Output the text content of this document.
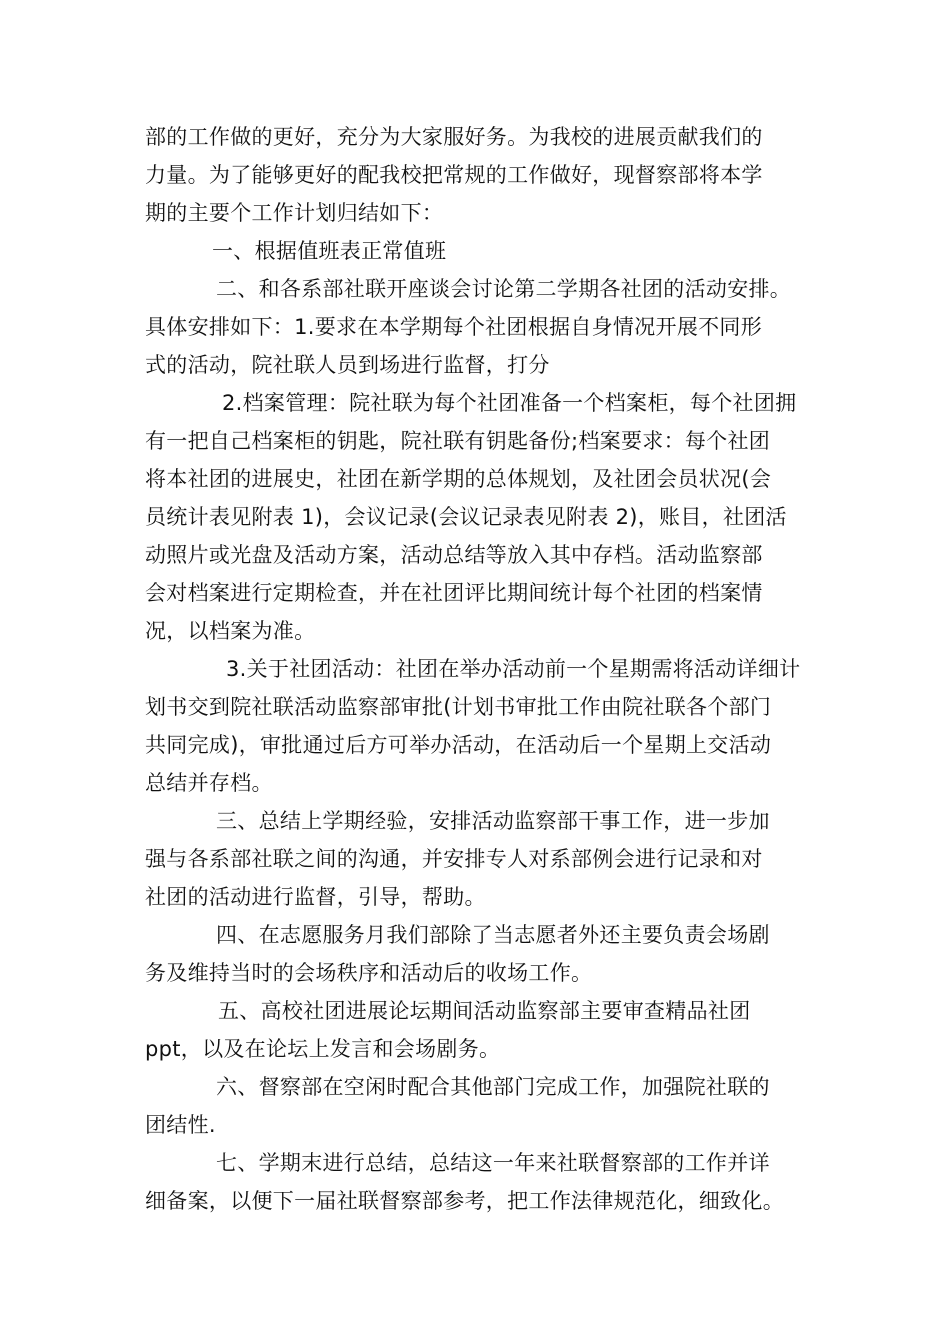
部的工作做的更好，充分为大家服好务。为我校的进展贡献我们的
力量。为了能够更好的配我校把常规的工作做好，现督察部将本学
期的主要个工作计划归结如下：
一、根据值班表正常值班
二、和各系部社联开座谈会讨论第二学期各社团的活动安排。
具体安排如下：1.要求在本学期每个社团根据自身情况开展不同形
式的活动，院社联人员到场进行监督，打分
2.档案管理：院社联为每个社团准备一个档案柜，每个社团拥
有一把自己档案柜的钥匙，院社联有钥匙备份;档案要求：每个社团
将本社团的进展史，社团在新学期的总体规划，及社团会员状况(会
员统计表见附表 1)，会议记录(会议记录表见附表 2)，账目，社团活
动照片或光盘及活动方案，活动总结等放入其中存档。活动监察部
会对档案进行定期检查，并在社团评比期间统计每个社团的档案情
况，以档案为准。
3.关于社团活动：社团在举办活动前一个星期需将活动详细计
划书交到院社联活动监察部审批(计划书审批工作由院社联各个部门
共同完成)，审批通过后方可举办活动，在活动后一个星期上交活动
总结并存档。
三、总结上学期经验，安排活动监察部干事工作，进一步加
强与各系部社联之间的沟通，并安排专人对系部例会进行记录和对
社团的活动进行监督，引导，帮助。
四、在志愿服务月我们部除了当志愿者外还主要负责会场剧
务及维持当时的会场秩序和活动后的收场工作。
五、高校社团进展论坛期间活动监察部主要审查精品社团
ppt，以及在论坛上发言和会场剧务。
六、督察部在空闲时配合其他部门完成工作，加强院社联的
团结性.
七、学期末进行总结，总结这一年来社联督察部的工作并详
细备案，以便下一届社联督察部参考，把工作法律规范化，细致化。
